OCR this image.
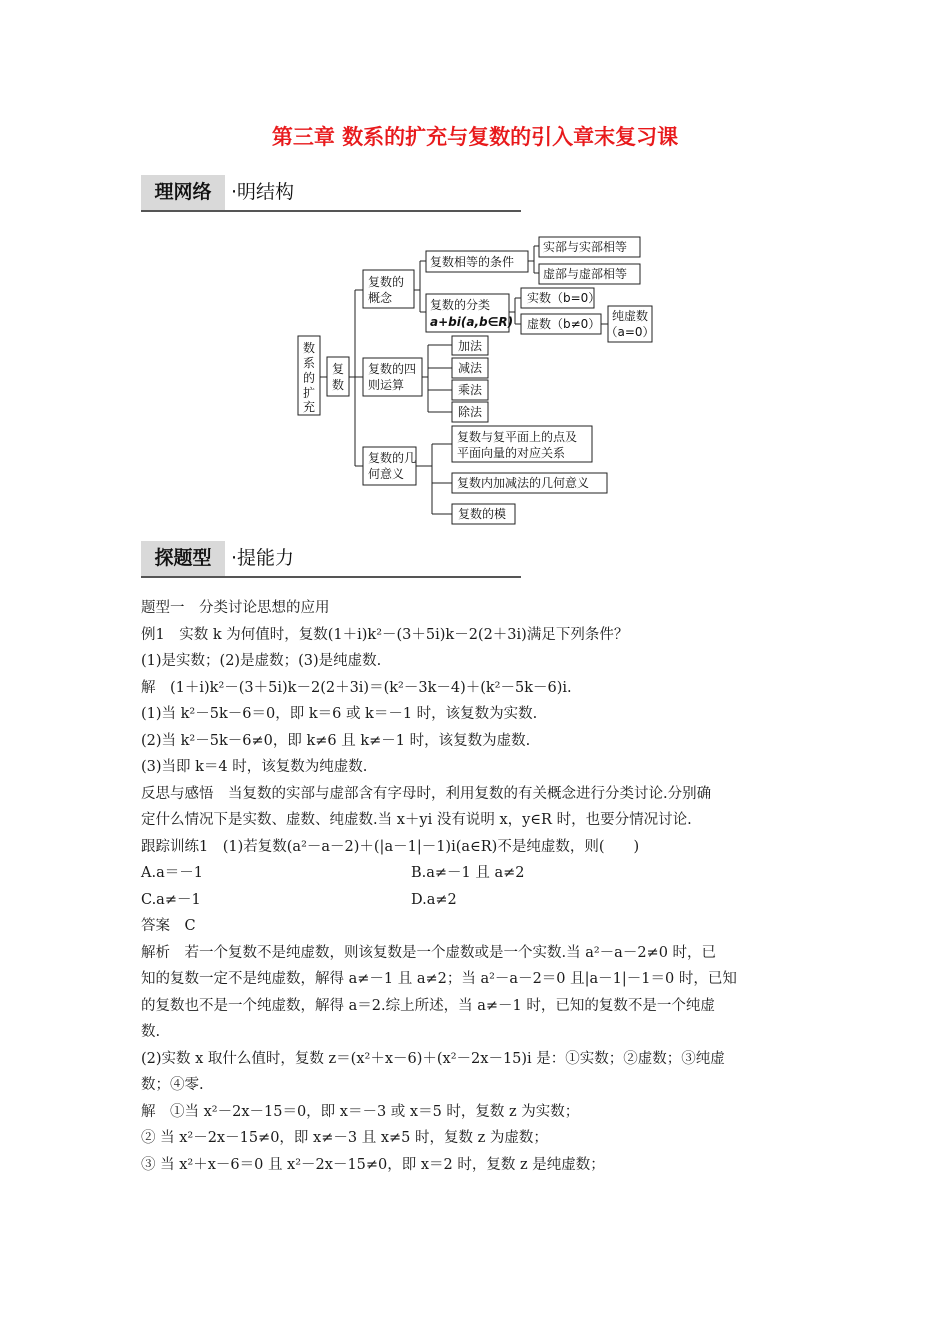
第三章 数系的扩充与复数的引入章末复习课
理网络	·明结构
数
系
的
扩
充
复
数
复数的
概念
复数相等的条件
实部与实部相等
虚部与虚部相等
复数的分类
a+bi(a,b∈R)
实数（b=0）
虚数（b≠0）
纯虚数
（a=0）
复数的四
则运算
加法
减法
乘法
除法
复数的几
何意义
复数与复平面上的点及
平面向量的对应关系
复数内加减法的几何意义
复数的模
探题型	·提能力
题型一　分类讨论思想的应用
例1　实数 k 为何值时，复数(1＋i)k²－(3＋5i)k－2(2＋3i)满足下列条件？
(1)是实数；(2)是虚数；(3)是纯虚数.
解　(1＋i)k²－(3＋5i)k－2(2＋3i)＝(k²－3k－4)＋(k²－5k－6)i.
(1)当 k²－5k－6＝0，即 k＝6 或 k＝－1 时，该复数为实数.
(2)当 k²－5k－6≠0，即 k≠6 且 k≠－1 时，该复数为虚数.
(3)当即 k＝4 时，该复数为纯虚数.
反思与感悟　当复数的实部与虚部含有字母时，利用复数的有关概念进行分类讨论.分别确
定什么情况下是实数、虚数、纯虚数.当 x＋yi 没有说明 x，y∈R 时，也要分情况讨论.
跟踪训练1　(1)若复数(a²－a－2)＋(|a－1|－1)i(a∈R)不是纯虚数，则(　　)
A.a＝－1	B.a≠－1 且 a≠2
C.a≠－1	D.a≠2
答案　C
解析　若一个复数不是纯虚数，则该复数是一个虚数或是一个实数.当 a²－a－2≠0 时，已
知的复数一定不是纯虚数，解得 a≠－1 且 a≠2；当 a²－a－2＝0 且|a－1|－1＝0 时，已知
的复数也不是一个纯虚数，解得 a＝2.综上所述，当 a≠－1 时，已知的复数不是一个纯虚
数.
(2)实数 x 取什么值时，复数 z＝(x²＋x－6)＋(x²－2x－15)i 是：①实数；②虚数；③纯虚
数；④零.
解　①当 x²－2x－15＝0，即 x＝－3 或 x＝5 时，复数 z 为实数；
② 当 x²－2x－15≠0，即 x≠－3 且 x≠5 时，复数 z 为虚数；
③ 当 x²＋x－6＝0 且 x²－2x－15≠0，即 x＝2 时，复数 z 是纯虚数；
